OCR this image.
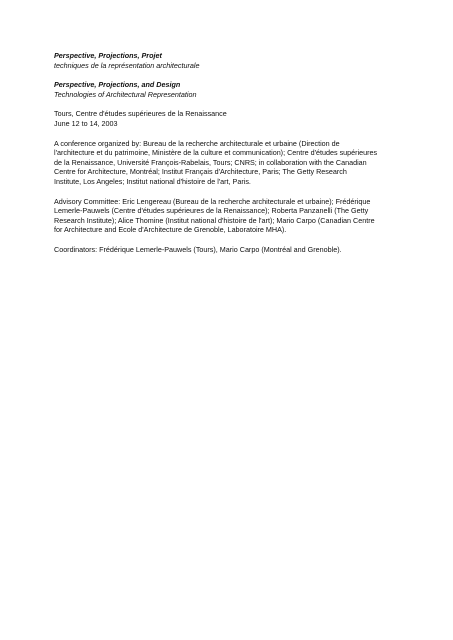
Perspective, Projections, Projet
techniques de la représentation architecturale
Perspective, Projections, and Design
Technologies of Architectural Representation
Tours, Centre d'études supérieures de la Renaissance
June 12 to 14, 2003
A conference organized by: Bureau de la recherche architecturale et urbaine (Direction de
l'architecture et du patrimoine, Ministère de la culture et communication); Centre d'études supérieures
de la Renaissance, Université François-Rabelais, Tours; CNRS; in collaboration with the Canadian
Centre for Architecture, Montréal; Institut Français d'Architecture, Paris; The Getty Research
Institute, Los Angeles; Institut national d'histoire de l'art, Paris.
Advisory Committee: Eric Lengereau (Bureau de la recherche architecturale et urbaine); Frédérique
Lemerle-Pauwels (Centre d'études supérieures de la Renaissance); Roberta Panzanelli (The Getty
Research Institute); Alice Thomine (Institut national d'histoire de l'art); Mario Carpo (Canadian Centre
for Architecture and Ecole d'Architecture de Grenoble, Laboratoire MHA).
Coordinators: Frédérique Lemerle-Pauwels (Tours), Mario Carpo (Montréal and Grenoble).
